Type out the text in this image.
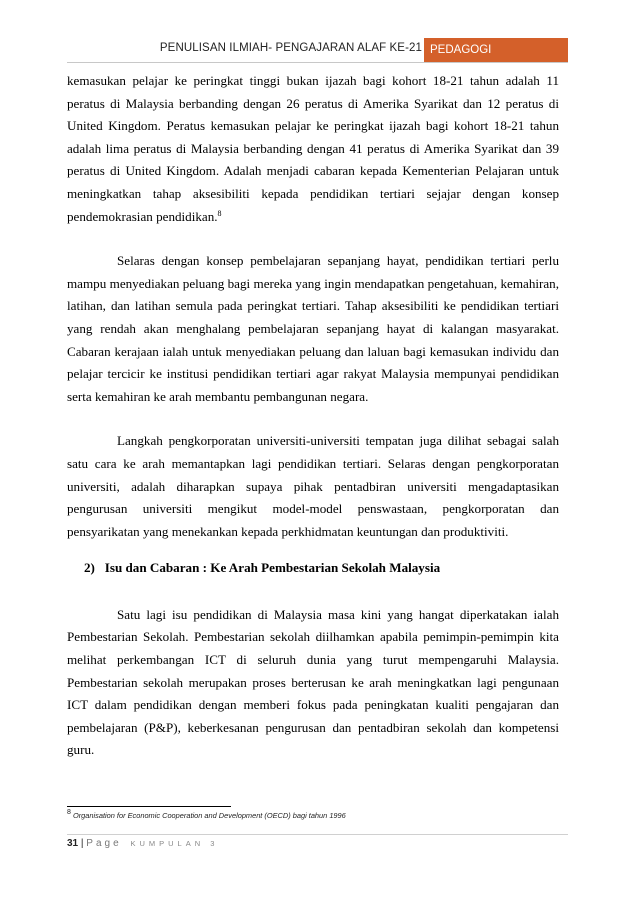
PENULISAN ILMIAH- PENGAJARAN ALAF KE-21 PEDAGOGI

kemasukan pelajar ke peringkat tinggi bukan ijazah bagi kohort 18-21 tahun adalah 11 peratus di Malaysia berbanding dengan 26 peratus di Amerika Syarikat dan 12 peratus di United Kingdom. Peratus kemasukan pelajar ke peringkat ijazah bagi kohort 18-21 tahun adalah lima peratus di Malaysia berbanding dengan 41 peratus di Amerika Syarikat dan 39 peratus di United Kingdom. Adalah menjadi cabaran kepada Kementerian Pelajaran untuk meningkatkan tahap aksesibiliti kepada pendidikan tertiari sejajar dengan konsep pendemokrasian pendidikan.$^8$

Selaras dengan konsep pembelajaran sepanjang hayat, pendidikan tertiari perlu mampu menyediakan peluang bagi mereka yang ingin mendapatkan pengetahuan, kemahiran, latihan, dan latihan semula pada peringkat tertiari. Tahap aksesibiliti ke pendidikan tertiari yang rendah akan menghalang pembelajaran sepanjang hayat di kalangan masyarakat. Cabaran kerajaan ialah untuk menyediakan peluang dan laluan bagi kemasukan individu dan pelajar tercicir ke institusi pendidikan tertiari agar rakyat Malaysia mempunyai pendidikan serta kemahiran ke arah membantu pembangunan negara.

Langkah pengkorporatan universiti-universiti tempatan juga dilihat sebagai salah satu cara ke arah memantapkan lagi pendidikan tertiari. Selaras dengan pengkorporatan universiti, adalah diharapkan supaya pihak pentadbiran universiti mengadaptasikan pengurusan universiti mengikut model-model penswastaan, pengkorporatan dan pensyarikatan yang menekankan kepada perkhidmatan keuntungan dan produktiviti.

2) Isu dan Cabaran : Ke Arah Pembestarian Sekolah Malaysia

Satu lagi isu pendidikan di Malaysia masa kini yang hangat diperkatakan ialah Pembestarian Sekolah. Pembestarian sekolah diilhamkan apabila pemimpin-pemimpin kita melihat perkembangan ICT di seluruh dunia yang turut mempengaruhi Malaysia. Pembestarian sekolah merupakan proses berterusan ke arah meningkatkan lagi pengunaan ICT dalam pendidikan dengan memberi fokus pada peningkatan kualiti pengajaran dan pembelajaran (P&P), keberkesanan pengurusan dan pentadbiran sekolah dan kompetensi guru.

$^8$ Organisation for Economic Cooperation and Development (OECD) bagi tahun 1996
31 | Page KUMPULAN 3
